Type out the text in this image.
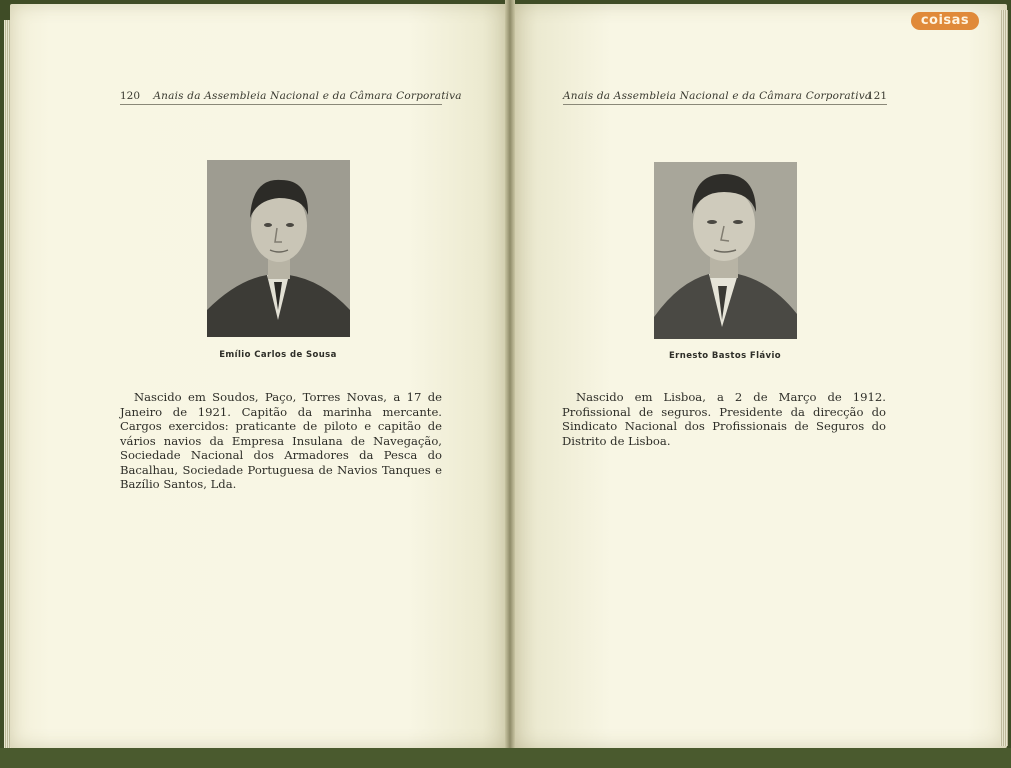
120 Anais da Assembleia Nacional e da Câmara Corporativa	Anais da Assembleia Nacional e da Câmara Corporativa
121
Emílio Carlos de Sousa	Ernesto Bastos Flávio

Nascido em Soudos, Paço, Torres Novas, a 17 de Janeiro de 1921. Capitão da marinha mercante. Cargos exercidos: praticante de piloto e capitão de vários navios da Empresa Insulana de Navegação, Sociedade Nacional dos Armadores da Pesca do Bacalhau, Sociedade Portuguesa de Navios Tanques e Bazílio Santos, Lda.

Nascido em Lisboa, a 2 de Março de 1912. Profissional de seguros. Presidente da direcção do Sindicato Nacional dos Profissionais de Seguros do Distrito de Lisboa.

coisas
